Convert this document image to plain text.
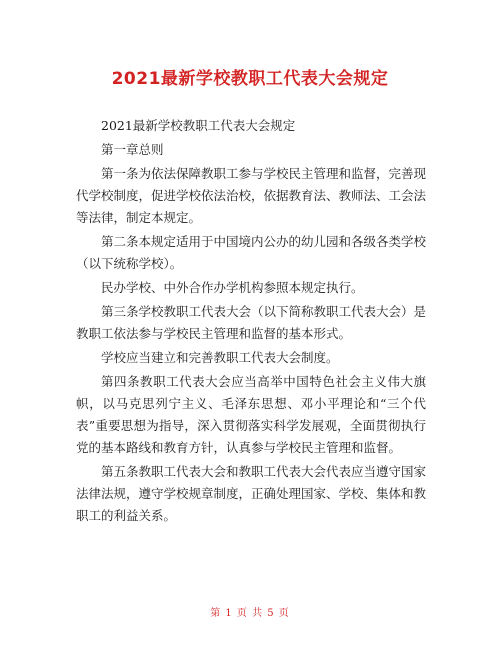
2021最新学校教职工代表大会规定

2021最新学校教职工代表大会规定

第一章总则

第一条为依法保障教职工参与学校民主管理和监督，完善现代学校制度，促进学校依法治校，依据教育法、教师法、工会法等法律，制定本规定。

第二条本规定适用于中国境内公办的幼儿园和各级各类学校（以下统称学校）。

民办学校、中外合作办学机构参照本规定执行。

第三条学校教职工代表大会（以下简称教职工代表大会）是教职工依法参与学校民主管理和监督的基本形式。

学校应当建立和完善教职工代表大会制度。

第四条教职工代表大会应当高举中国特色社会主义伟大旗帜，以马克思列宁主义、毛泽东思想、邓小平理论和“三个代表”重要思想为指导，深入贯彻落实科学发展观，全面贯彻执行党的基本路线和教育方针，认真参与学校民主管理和监督。

第五条教职工代表大会和教职工代表大会代表应当遵守国家法律法规，遵守学校规章制度，正确处理国家、学校、集体和教职工的利益关系。

第 1 页 共 5 页
